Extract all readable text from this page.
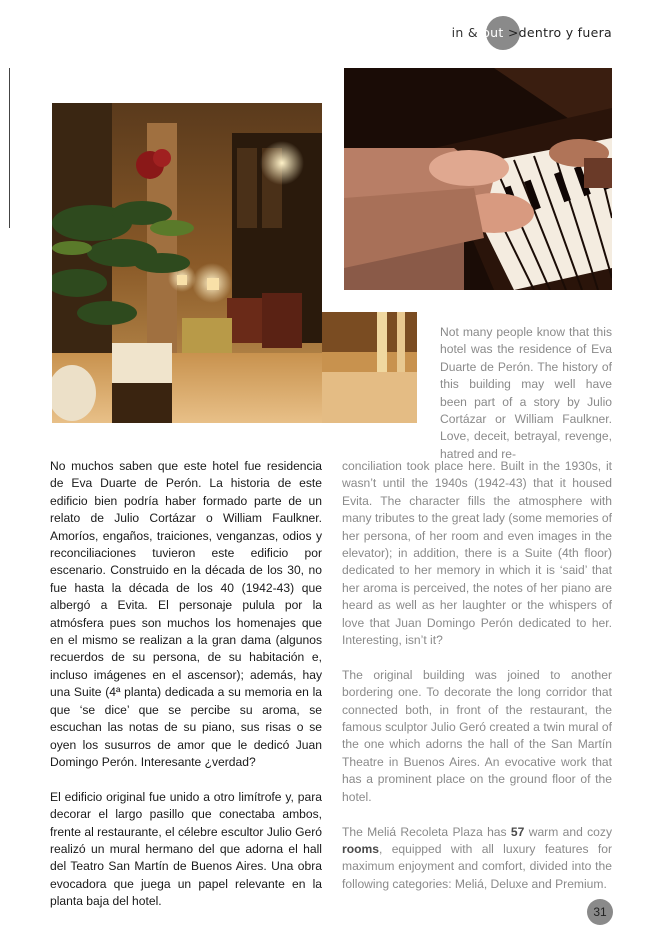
in & out >dentro y fuera
Not many people know that this hotel was the residence of Eva Duarte de Perón. The history of this building may well have been part of a story by Julio Cortázar or William Faulkner. Love, deceit, betrayal, revenge, hatred and re-

No muchos saben que este hotel fue residencia de Eva Duarte de Perón. La historia de este edificio bien podría haber formado parte de un relato de Julio Cortázar o William Faulkner. Amoríos, engaños, traiciones, venganzas, odios y reconciliaciones tuvieron este edificio por escenario. Construido en la década de los 30, no fue hasta la década de los 40 (1942-43) que albergó a Evita. El personaje pulula por la atmósfera pues son muchos los homenajes que en el mismo se realizan a la gran dama (algunos recuerdos de su persona, de su habitación e, incluso imágenes en el ascensor); además, hay una Suite (4ª planta) dedicada a su memoria en la que ‘se dice’ que se percibe su aroma, se escuchan las notas de su piano, sus risas o se oyen los susurros de amor que le dedicó Juan Domingo Perón. Interesante ¿verdad?

El edificio original fue unido a otro limítrofe y, para decorar el largo pasillo que conectaba ambos, frente al restaurante, el célebre escultor Julio Geró realizó un mural hermano del que adorna el hall del Teatro San Martín de Buenos Aires. Una obra evocadora que juega un papel relevante en la planta baja del hotel.

conciliation took place here. Built in the 1930s, it wasn’t until the 1940s (1942-43) that it housed Evita. The character fills the atmosphere with many tributes to the great lady (some memories of her persona, of her room and even images in the elevator); in addition, there is a Suite (4th floor) dedicated to her memory in which it is ‘said’ that her aroma is perceived, the notes of her piano are heard as well as her laughter or the whispers of love that Juan Domingo Perón dedicated to her. Interesting, isn’t it?

The original building was joined to another bordering one. To decorate the long corridor that connected both, in front of the restaurant, the famous sculptor Julio Geró created a twin mural of the one which adorns the hall of the San Martín Theatre in Buenos Aires. An evocative work that has a prominent place on the ground floor of the hotel.

The Meliá Recoleta Plaza has 57 warm and cozy rooms, equipped with all luxury features for maximum enjoyment and comfort, divided into the following categories: Meliá, Deluxe and Premium.

31
